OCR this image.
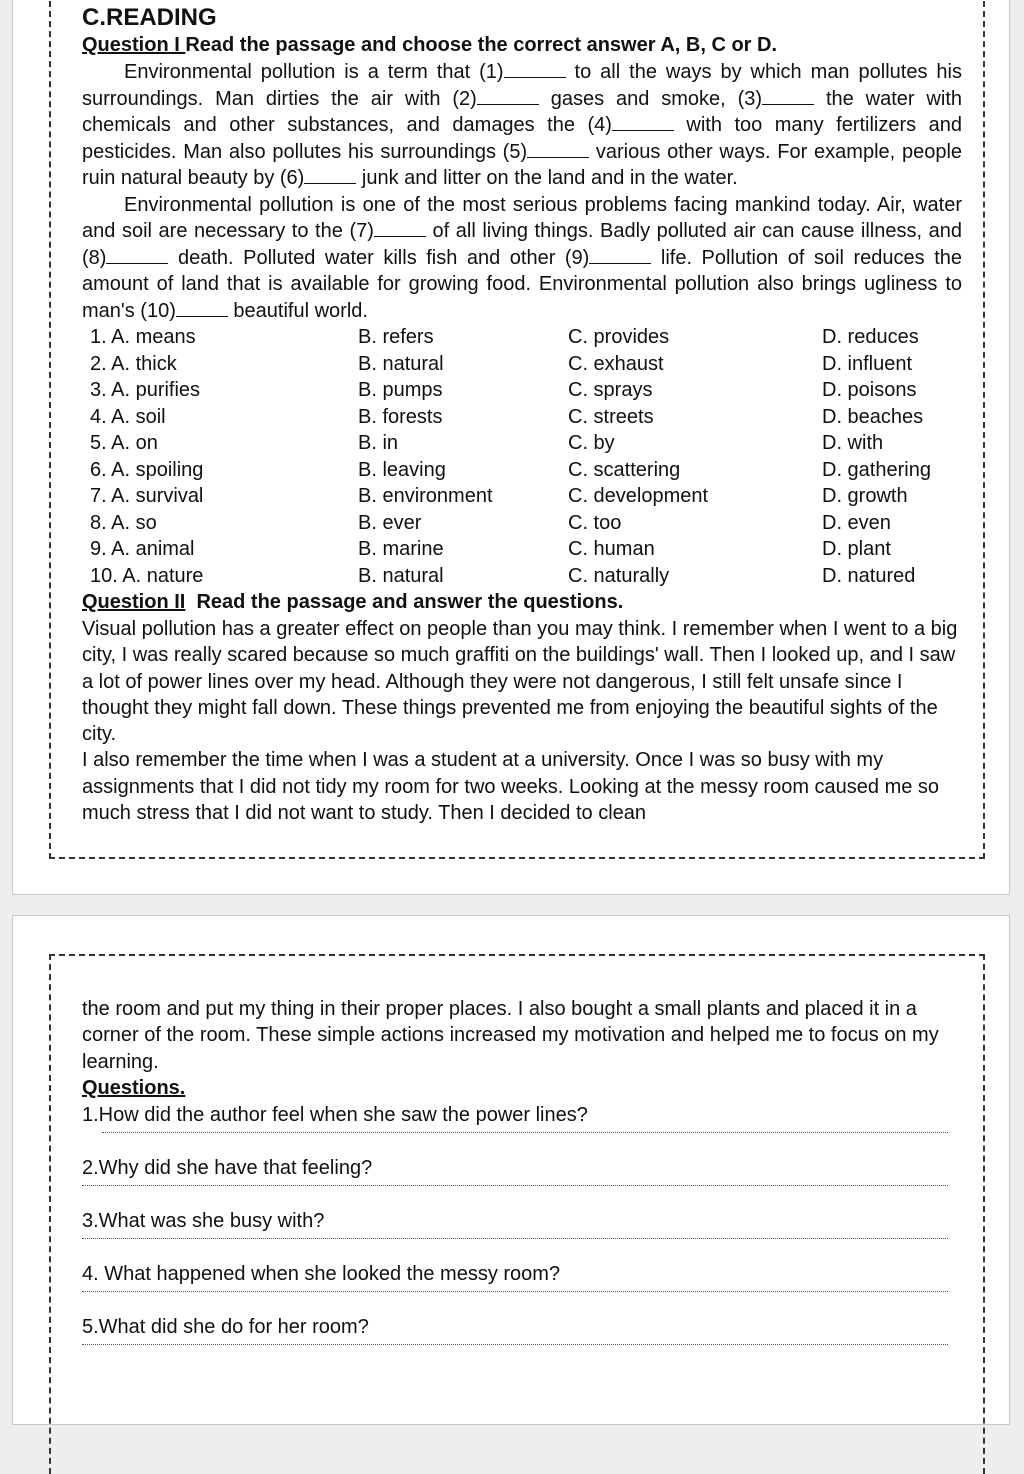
C.READING

Question I Read the passage and choose the correct answer A, B, C or D.

Environmental pollution is a term that (1)	to all the ways by which man pollutes his surroundings. Man dirties the air with (2)	gases and smoke, (3)	the water with chemicals and other substances, and damages the (4)	with too many fertilizers and pesticides. Man also pollutes his surroundings (5)	various other ways. For example, people ruin natural beauty by (6)	junk and litter on the land and in the water.

Environmental pollution is one of the most serious problems facing mankind today. Air, water and soil are necessary to the (7)	of all living things. Badly polluted air can cause illness, and (8)	death. Polluted water kills fish and other (9)	life. Pollution of soil reduces the amount of land that is available for growing food. Environmental pollution also brings ugliness to man's (10)	beautiful world.

1. A. means	B. refers	C. provides	D. reduces
2. A. thick	B. natural	C. exhaust	D. influent
3. A. purifies	B. pumps	C. sprays	D. poisons
4. A. soil	B. forests	C. streets	D. beaches
5. A. on	B. in	C. by	D. with
6. A. spoiling	B. leaving	C. scattering	D. gathering
7. A. survival	B. environment	C. development	D. growth
8. A. so	B. ever	C. too	D. even
9. A. animal	B. marine	C. human	D. plant
10. A. nature	B. natural	C. naturally	D. natured

Question II Read the passage and answer the questions.

Visual pollution has a greater effect on people than you may think. I remember when I went to a big city, I was really scared because so much graffiti on the buildings' wall. Then I looked up, and I saw a lot of power lines over my head. Although they were not dangerous, I still felt unsafe since I thought they might fall down. These things prevented me from enjoying the beautiful sights of the city.

I also remember the time when I was a student at a university. Once I was so busy with my assignments that I did not tidy my room for two weeks. Looking at the messy room caused me so much stress that I did not want to study. Then I decided to clean

the room and put my thing in their proper places. I also bought a small plants and placed it in a corner of the room. These simple actions increased my motivation and helped me to focus on my learning.

Questions.

1.How did the author feel when she saw the power lines?

2.Why did she have that feeling?

3.What was she busy with?

4. What happened when she looked the messy room?

5.What did she do for her room?
